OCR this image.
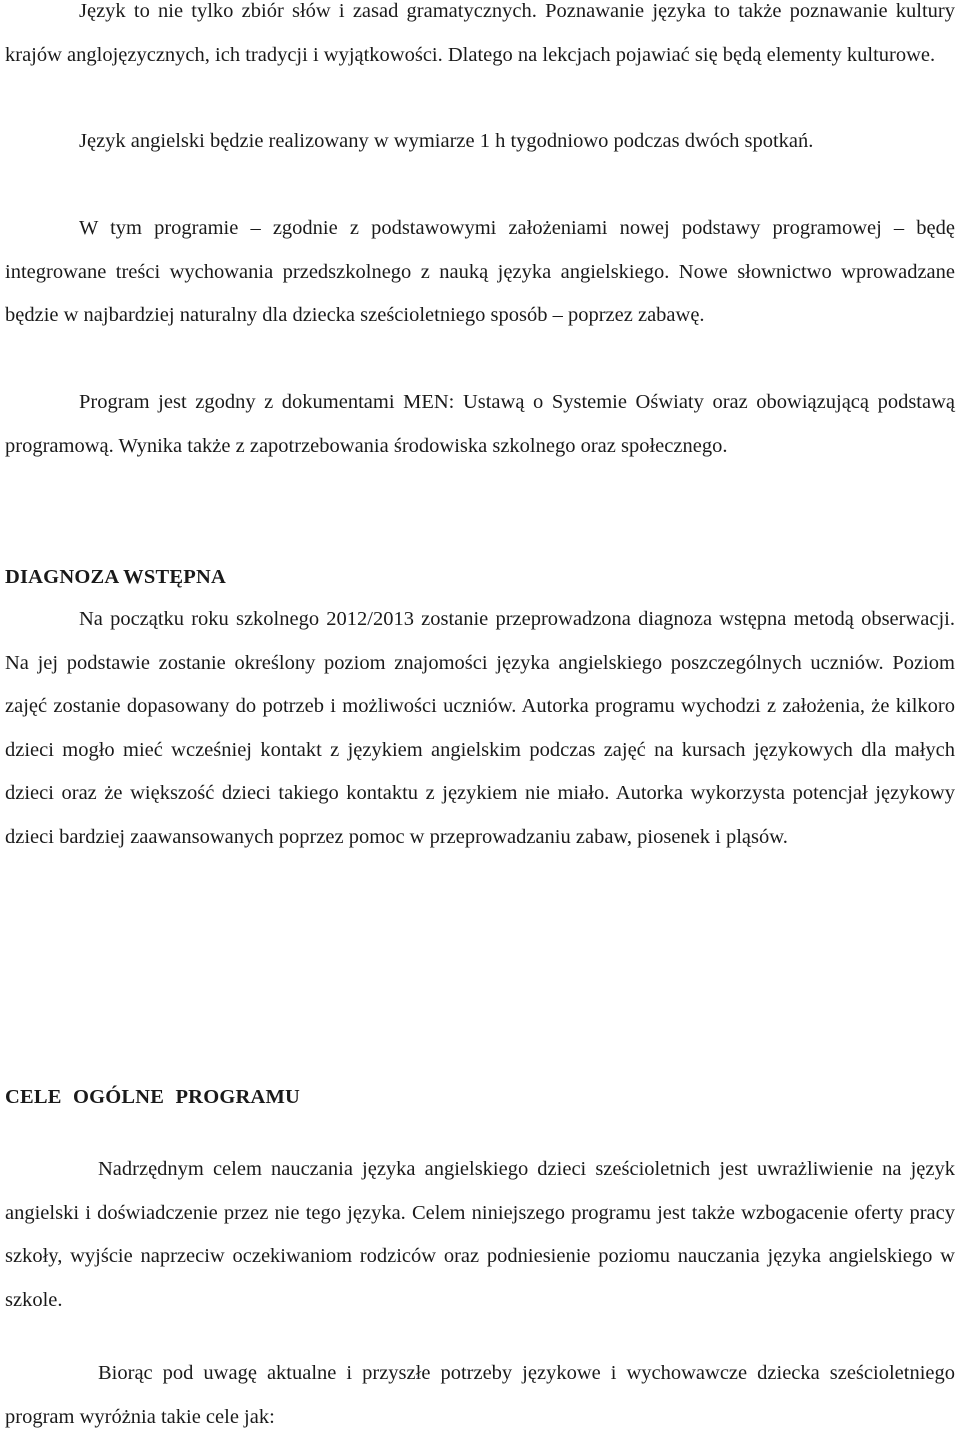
Język to nie tylko zbiór słów i zasad gramatycznych. Poznawanie języka to także poznawanie kultury krajów anglojęzycznych, ich tradycji i wyjątkowości. Dlatego na lekcjach pojawiać się będą elementy kulturowe.

Język angielski będzie realizowany w wymiarze 1 h tygodniowo podczas dwóch spotkań.

W tym programie – zgodnie z podstawowymi założeniami nowej podstawy programowej – będę integrowane treści wychowania przedszkolnego z nauką języka angielskiego. Nowe słownictwo wprowadzane będzie w najbardziej naturalny dla dziecka sześcioletniego sposób – poprzez zabawę.

Program jest zgodny z dokumentami MEN: Ustawą o Systemie Oświaty oraz obowiązującą podstawą programową. Wynika także z zapotrzebowania środowiska szkolnego oraz społecznego.

DIAGNOZA WSTĘPNA

Na początku roku szkolnego 2012/2013 zostanie przeprowadzona diagnoza wstępna metodą obserwacji. Na jej podstawie zostanie określony poziom znajomości języka angielskiego poszczególnych uczniów. Poziom zajęć zostanie dopasowany do potrzeb i możliwości uczniów. Autorka programu wychodzi z założenia, że kilkoro dzieci mogło mieć wcześniej kontakt z językiem angielskim podczas zajęć na kursach językowych dla małych dzieci oraz że większość dzieci takiego kontaktu z językiem nie miało. Autorka wykorzysta potencjał językowy dzieci bardziej zaawansowanych poprzez pomoc w przeprowadzaniu zabaw, piosenek i pląsów.

CELE OGÓLNE PROGRAMU

Nadrzędnym celem nauczania języka angielskiego dzieci sześcioletnich jest uwrażliwienie na język angielski i doświadczenie przez nie tego języka. Celem niniejszego programu jest także wzbogacenie oferty pracy szkoły, wyjście naprzeciw oczekiwaniom rodziców oraz podniesienie poziomu nauczania języka angielskiego w szkole.

Biorąc pod uwagę aktualne i przyszłe potrzeby językowe i wychowawcze dziecka sześcioletniego program wyróżnia takie cele jak:
